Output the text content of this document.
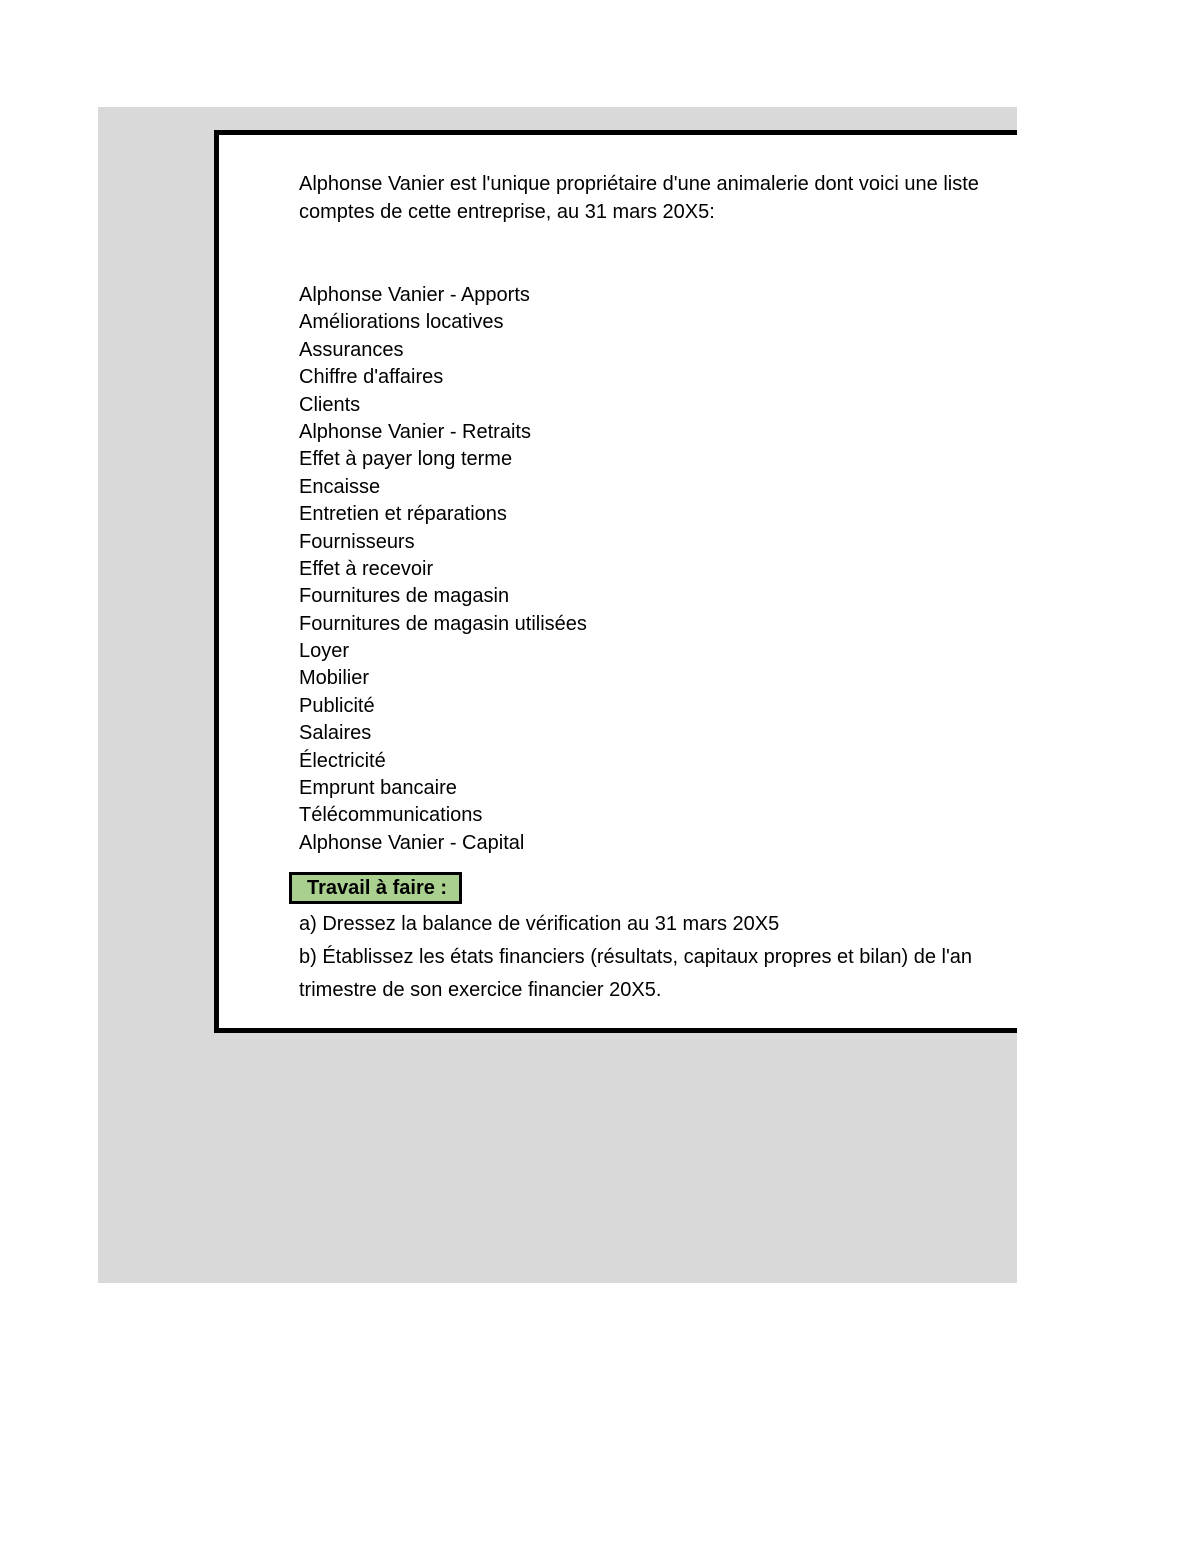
Alphonse Vanier est l'unique propriétaire d'une animalerie dont voici une liste

comptes de cette entreprise, au 31 mars 20X5:

Alphonse Vanier - Apports
Améliorations locatives
Assurances
Chiffre d'affaires
Clients
Alphonse Vanier - Retraits
Effet à payer long terme
Encaisse
Entretien et réparations
Fournisseurs
Effet à recevoir
Fournitures de magasin
Fournitures de magasin utilisées
Loyer
Mobilier
Publicité
Salaires
Électricité
Emprunt bancaire
Télécommunications
Alphonse Vanier - Capital
Travail à faire :

a) Dressez la balance de vérification au 31 mars 20X5

b) Établissez les états financiers (résultats, capitaux propres et bilan) de l'an

trimestre de son exercice financier 20X5.
